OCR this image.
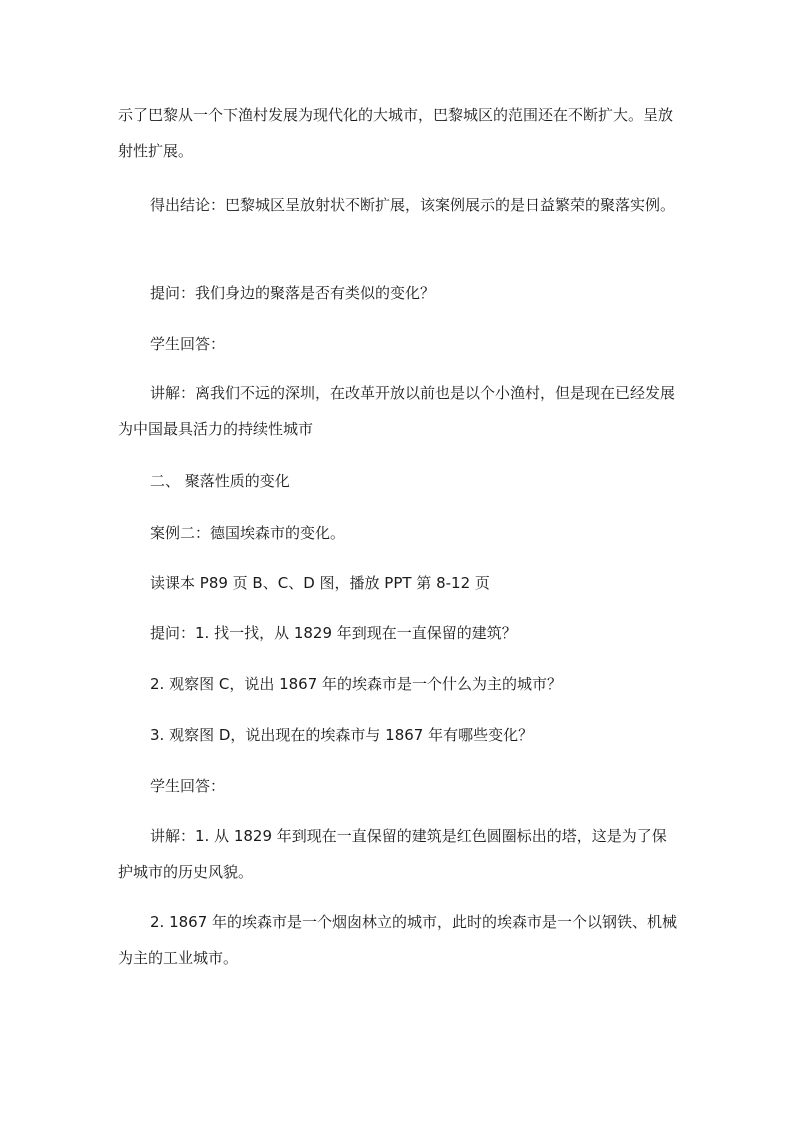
示了巴黎从一个下渔村发展为现代化的大城市，巴黎城区的范围还在不断扩大。呈放射性扩展。

得出结论：巴黎城区呈放射状不断扩展，该案例展示的是日益繁荣的聚落实例。

提问：我们身边的聚落是否有类似的变化？

学生回答：

讲解：离我们不远的深圳，在改革开放以前也是以个小渔村，但是现在已经发展为中国最具活力的持续性城市

二、 聚落性质的变化

案例二：德国埃森市的变化。

读课本 P89 页 B、C、D 图，播放 PPT 第 8-12 页

提问：1. 找一找，从 1829 年到现在一直保留的建筑？

2. 观察图 C，说出 1867 年的埃森市是一个什么为主的城市？

3. 观察图 D，说出现在的埃森市与 1867 年有哪些变化？

学生回答：

讲解：1. 从 1829 年到现在一直保留的建筑是红色圆圈标出的塔，这是为了保护城市的历史风貌。

2. 1867 年的埃森市是一个烟囱林立的城市，此时的埃森市是一个以钢铁、机械为主的工业城市。
